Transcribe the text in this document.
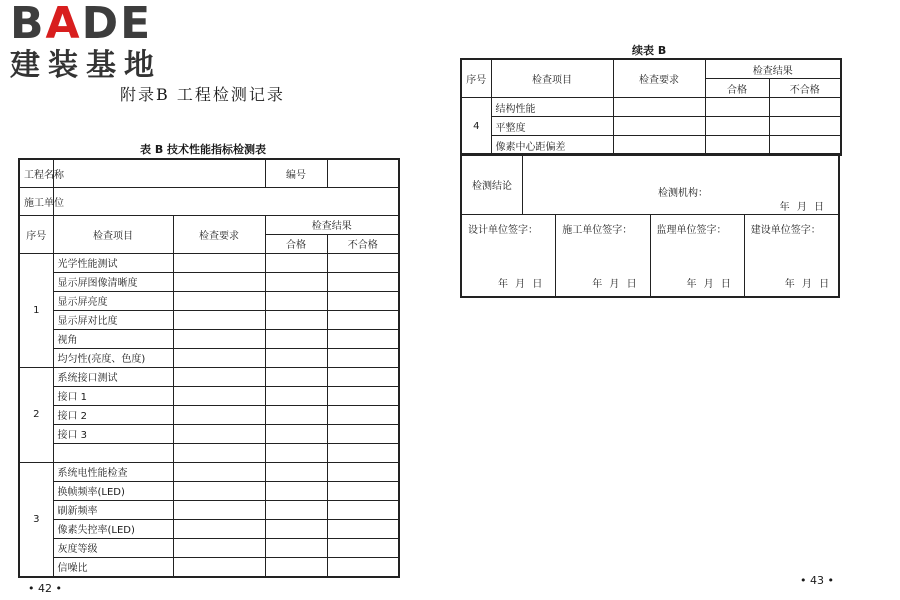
BADE
建装基地
附录B 工程检测记录
表 B 技术性能指标检测表
工程名称			编号	
施工单位				
序号	检查项目	检查要求	检查结果	
			合格	不合格
1	光学性能测试			
	显示屏图像清晰度			
	显示屏亮度			
	显示屏对比度			
	视角			
	均匀性(亮度、色度)			
2	系统接口测试			
	接口 1			
	接口 2			
	接口 3			

3	系统电性能检查			
	换帧频率(LED)			
	刷新频率			
	像素失控率(LED)			
	灰度等级			
	信噪比			
• 42 •
续表 B
序号	检查项目	检查要求	检查结果	
			合格	不合格
4	结构性能			
	平整度			
	像素中心距偏差			
检测结论
检测机构：
年 月 日
设计单位签字：
年 月 日
施工单位签字：
年 月 日
监理单位签字：
年 月 日
建设单位签字：
年 月 日
• 43 •
